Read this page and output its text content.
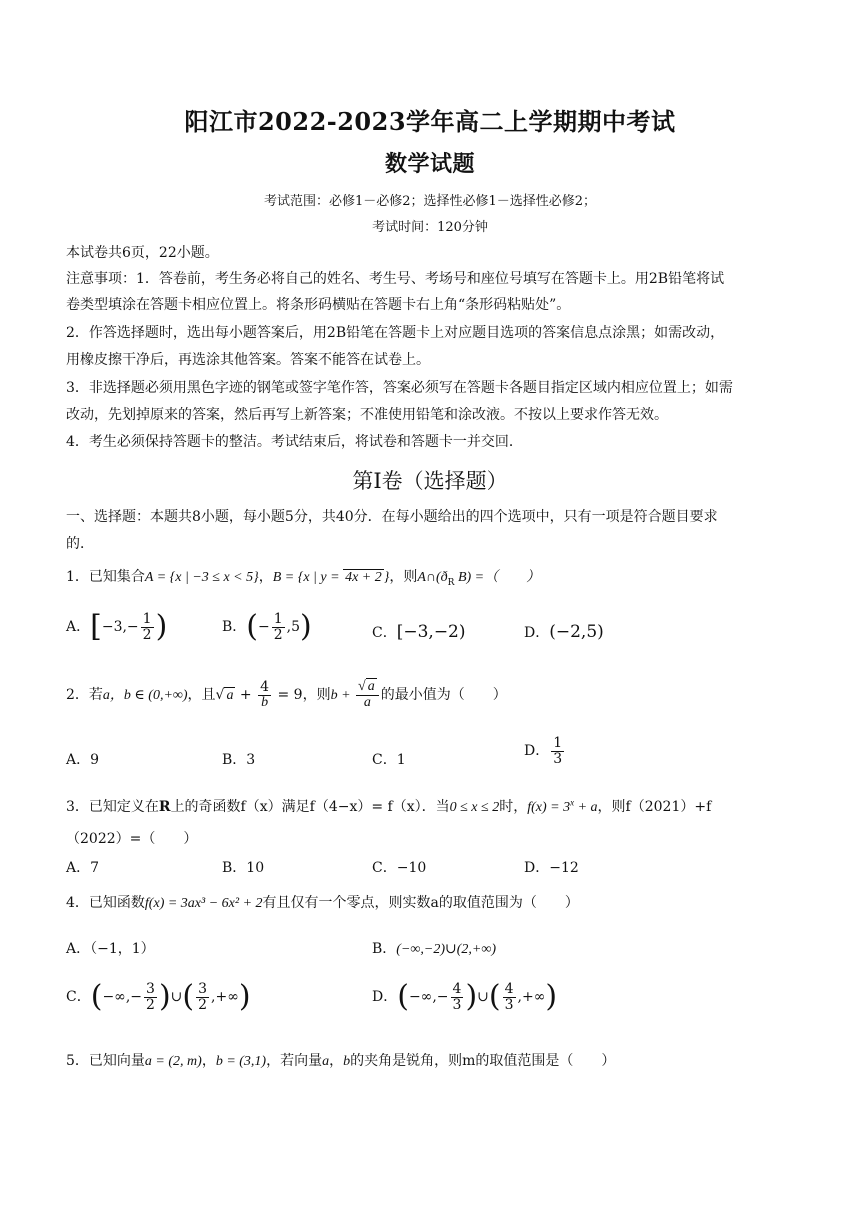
阳江市2022-2023学年高二上学期期中考试
数学试题
考试范围：必修1－必修2；选择性必修1－选择性必修2；
考试时间：120分钟
本试卷共6页，22小题。
注意事项：1．答卷前，考生务必将自己的姓名、考生号、考场号和座位号填写在答题卡上。用2B铅笔将试
卷类型填涂在答题卡相应位置上。将条形码横贴在答题卡右上角“条形码粘贴处”。
2．作答选择题时，选出每小题答案后，用2B铅笔在答题卡上对应题目选项的答案信息点涂黑；如需改动，
用橡皮擦干净后，再选涂其他答案。答案不能答在试卷上。
3．非选择题必须用黑色字迹的钢笔或签字笔作答，答案必须写在答题卡各题目指定区域内相应位置上；如需
改动，先划掉原来的答案，然后再写上新答案；不准使用铅笔和涂改液。不按以上要求作答无效。
4．考生必须保持答题卡的整洁。考试结束后，将试卷和答题卡一并交回．
第I卷（选择题）
一、选择题：本题共8小题，每小题5分，共40分．在每小题给出的四个选项中，只有一项是符合题目要求
的．
1．已知集合A = {x | −3 ≤ x < 5}，B = {x | y = 4x + 2 }，则$A\cap(ð_R$ B) =（　　）
A．[$-3,- \frac{1}{2}$ )	B．(− $\frac{1}{2} ,5$)	C．[−3,−2)	D．(−2,5)
2．若a，b ∈ (0,+∞)，且√ $a + \frac{4}{b} = 9$，则$b + \frac{√ a}{a}$ 的最小值为（　　）
A．9	B．3	C．1
D． $\frac{1}{3}$
3．已知定义在R上的奇函数f（x）满足f（4−x）= f（x）．当0 ≤ x ≤ 2时，$f(x) = 3^x + a$，则f（2021）+f
（2022）=（　　）
A．7	B．10	C．−10	D．−12
4．已知函数f(x) = 3ax³ − 6x² + 2有且仅有一个零点，则实数a的取值范围为（　　）
A．（−1，1）	B．(−∞,−2)∪(2,+∞)
C．(−∞,− $\frac{3}{2}$ )∪( $\frac{3}{2}$ ,+∞)	D．(−∞,− $\frac{4}{3}$ )∪( $\frac{4}{3}$ ,+∞)
5．已知向量a = (2, m)，b = (3,1)，若向量a，b的夹角是锐角，则m的取值范围是（　　）
